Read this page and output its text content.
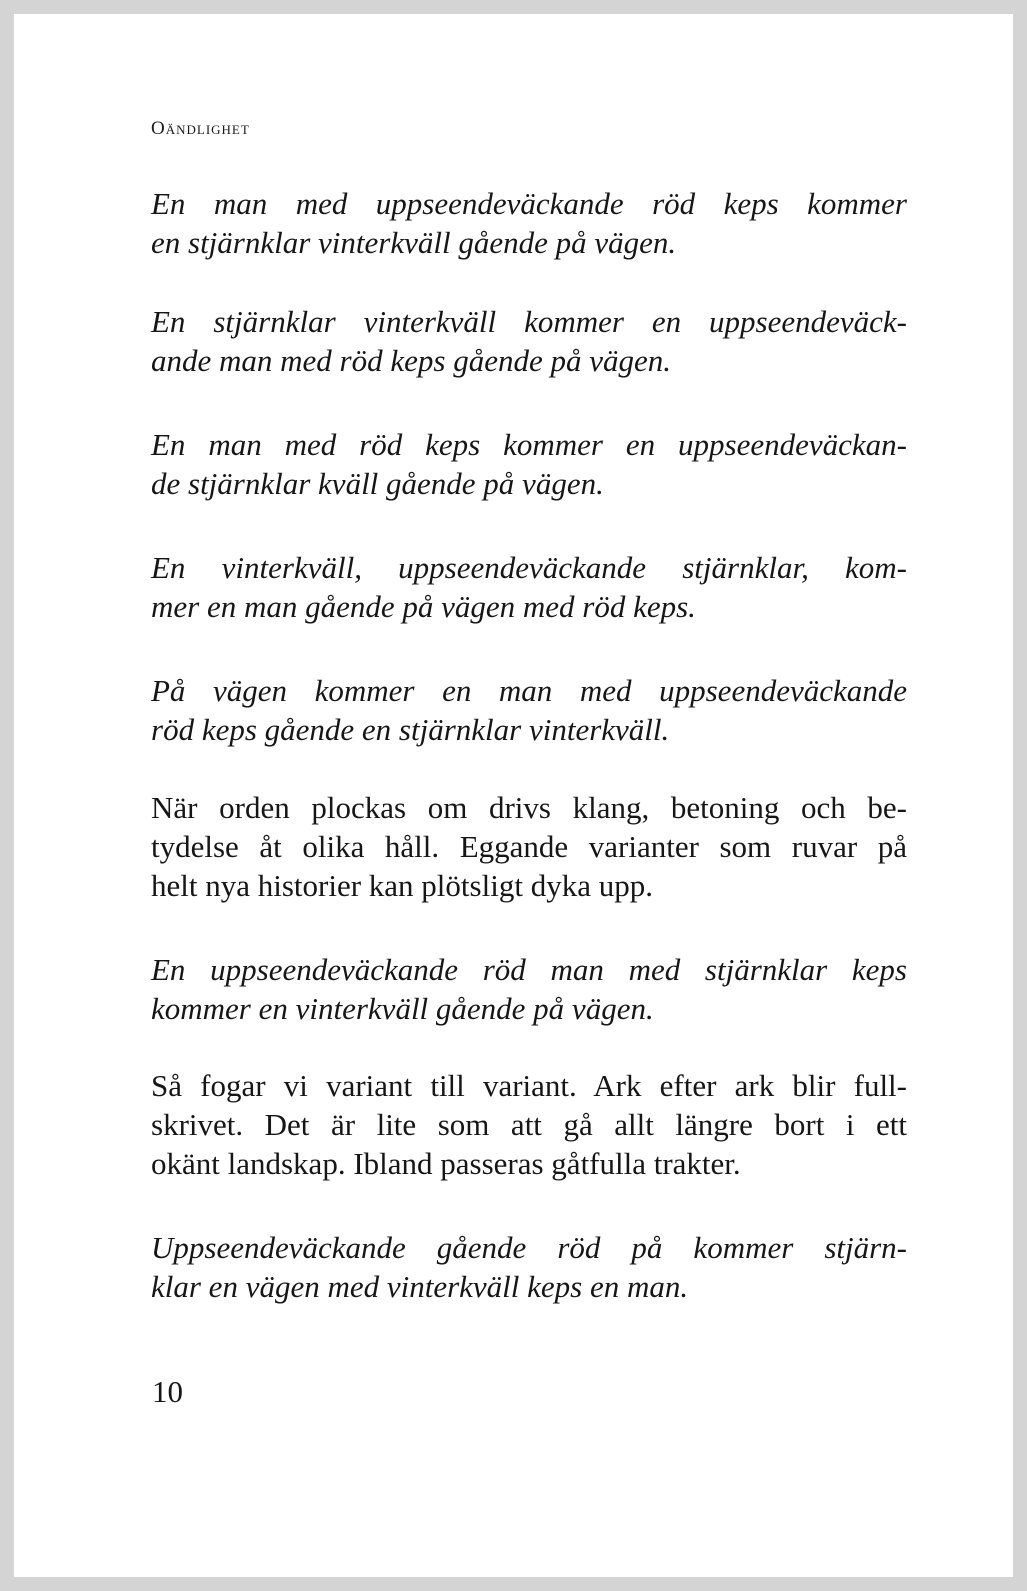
Oändlighet

En man med uppseendeväckande röd keps kommer
en stjärnklar vinterkväll gående på vägen.

En stjärnklar vinterkväll kommer en uppseendeväck-
ande man med röd keps gående på vägen.

En man med röd keps kommer en uppseendeväckan-
de stjärnklar kväll gående på vägen.

En vinterkväll, uppseendeväckande stjärnklar, kom-
mer en man gående på vägen med röd keps.

På vägen kommer en man med uppseendeväckande
röd keps gående en stjärnklar vinterkväll.

När orden plockas om drivs klang, betoning och be-
tydelse åt olika håll. Eggande varianter som ruvar på
helt nya historier kan plötsligt dyka upp.

En uppseendeväckande röd man med stjärnklar keps
kommer en vinterkväll gående på vägen.

Så fogar vi variant till variant. Ark efter ark blir full-
skrivet. Det är lite som att gå allt längre bort i ett
okänt landskap. Ibland passeras gåtfulla trakter.

Uppseendeväckande gående röd på kommer stjärn-
klar en vägen med vinterkväll keps en man.

10
